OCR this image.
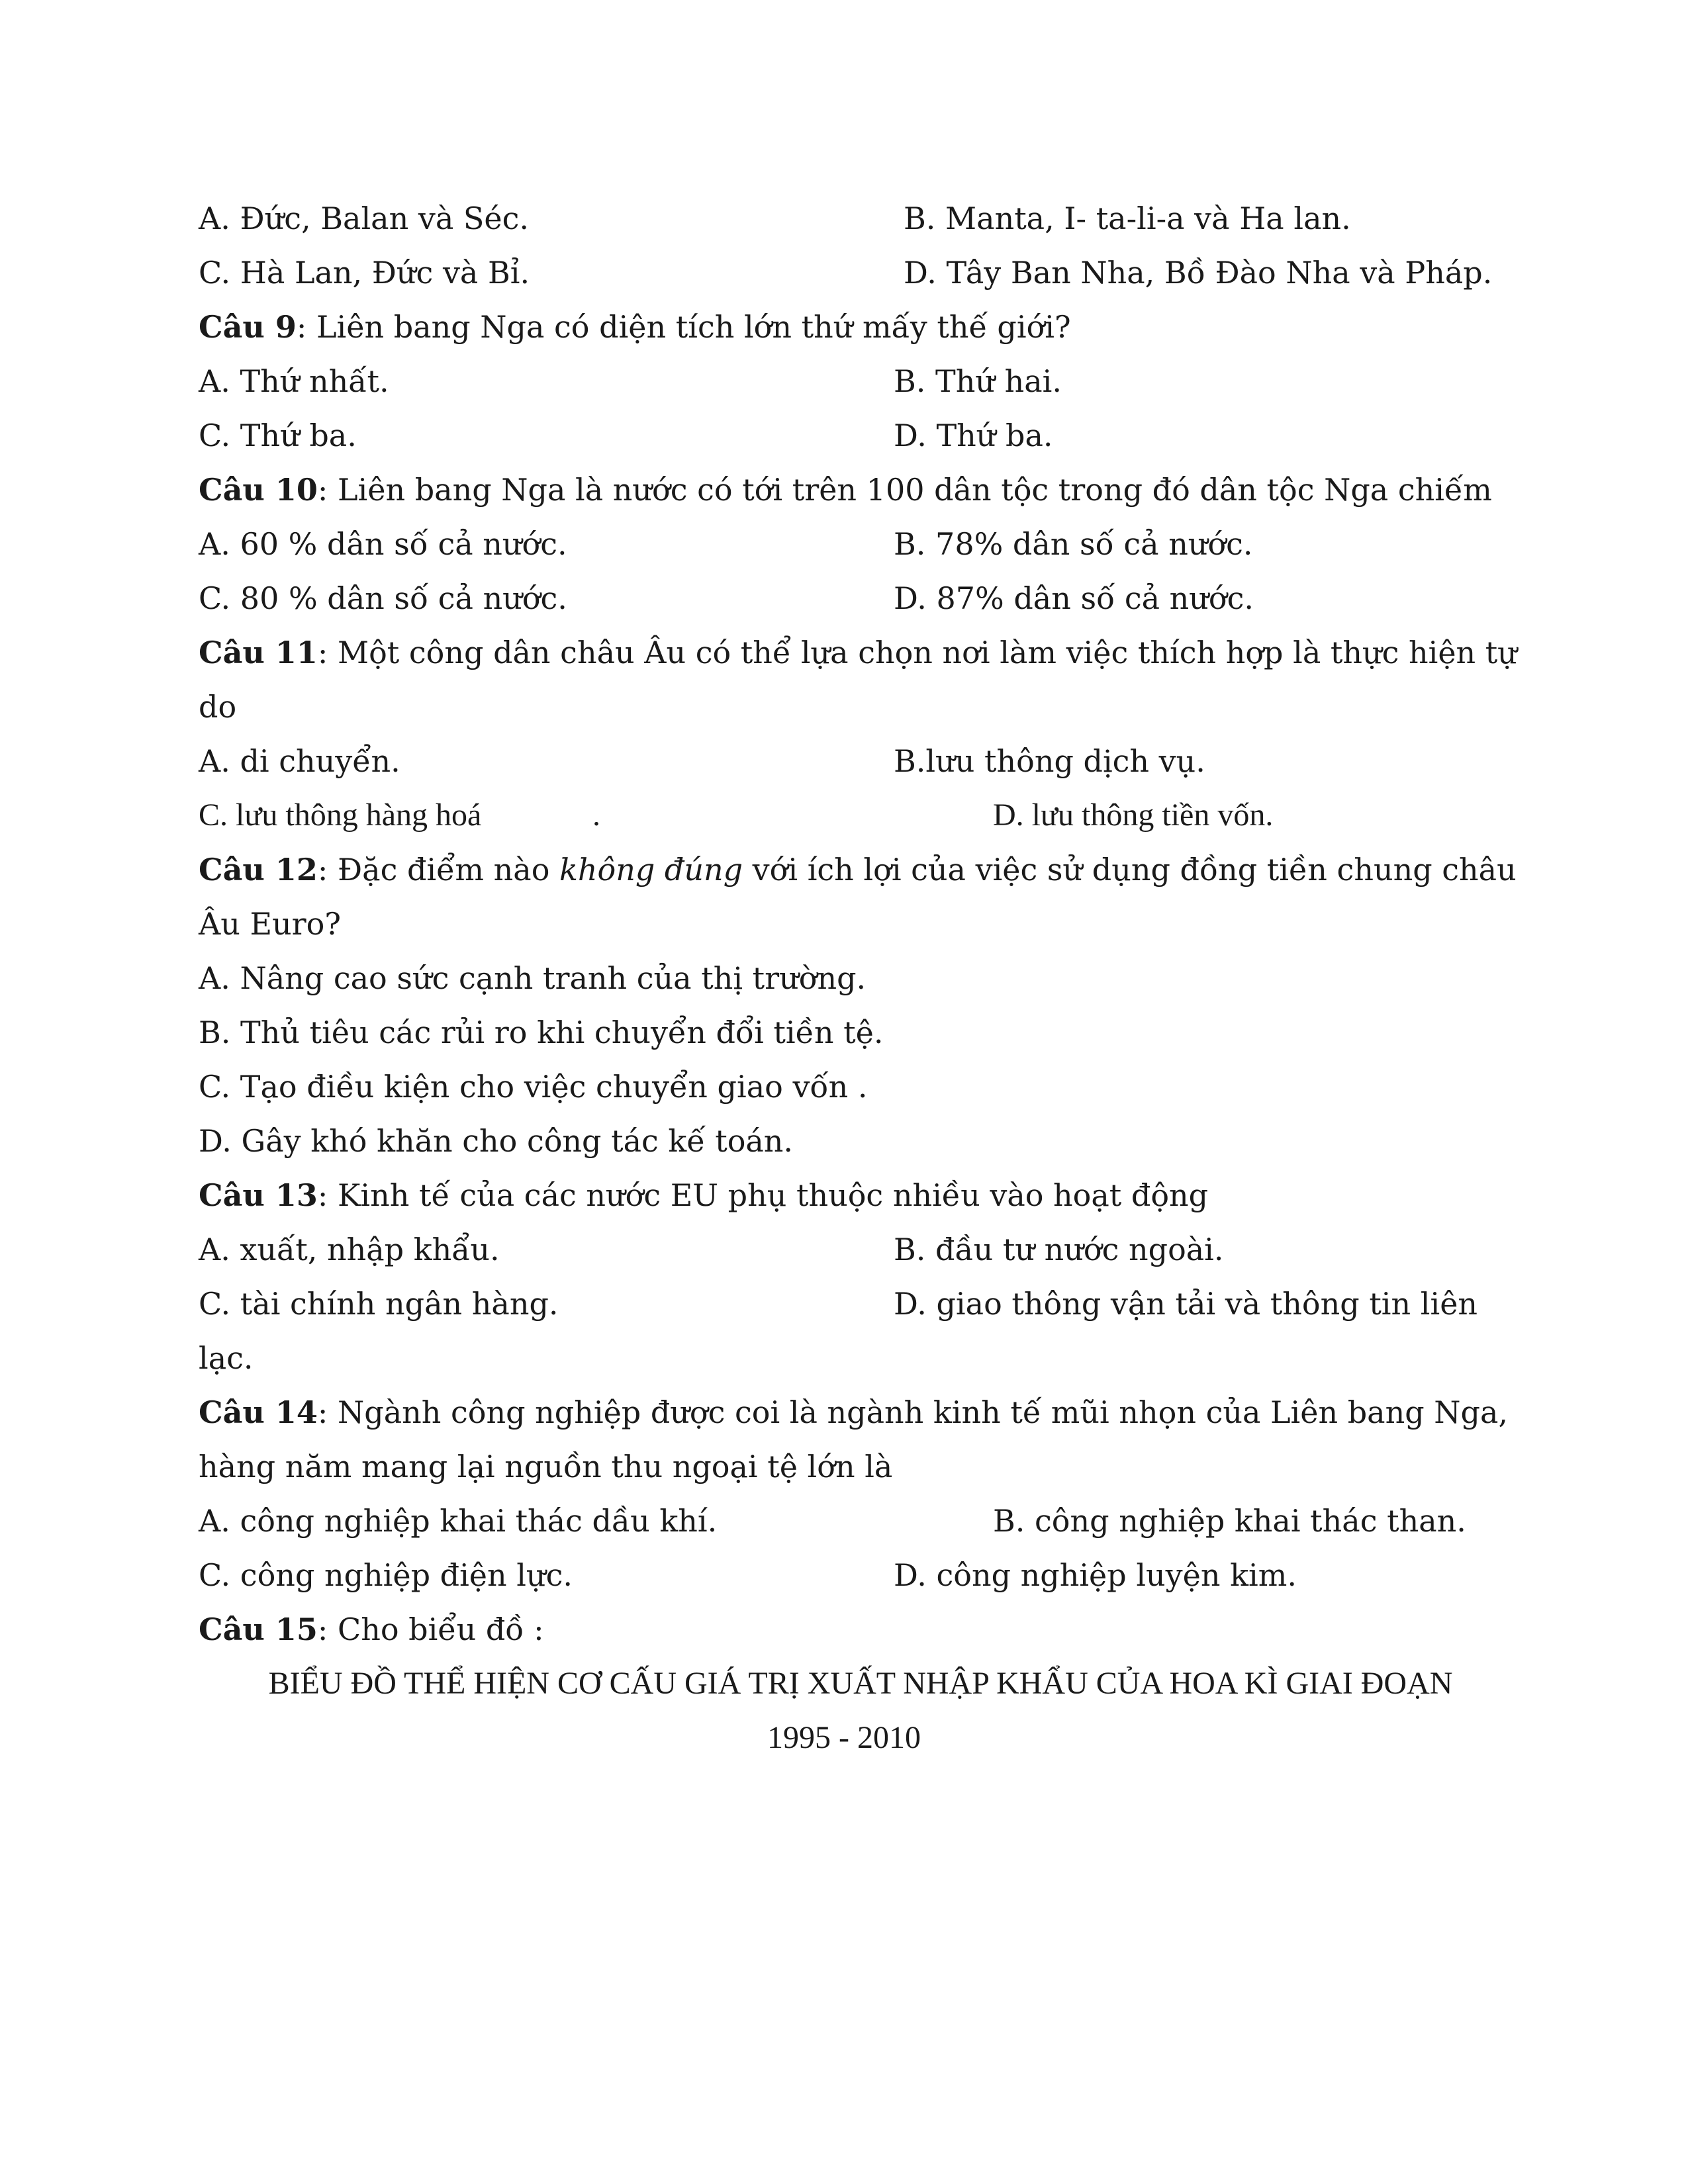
A. Đức, Balan và Séc.	B. Manta, I- ta-li-a và Ha lan.
C. Hà Lan, Đức và Bỉ.	D. Tây Ban Nha, Bồ Đào Nha và Pháp.
Câu 9: Liên bang Nga có diện tích lớn thứ mấy thế giới?
A. Thứ nhất.	B. Thứ hai.
C. Thứ ba.	D. Thứ ba.
Câu 10: Liên bang Nga là nước có tới trên 100 dân tộc trong đó dân tộc Nga chiếm
A. 60 % dân số cả nước.	B. 78% dân số cả nước.
C. 80 % dân số cả nước.	D. 87% dân số cả nước.
Câu 11: Một công dân châu Âu có thể lựa chọn nơi làm việc thích hợp là thực hiện tự
do
A. di chuyển.	B.lưu thông dịch vụ.
C. lưu thông hàng hoá	.	D. lưu thông tiền vốn.
Câu 12: Đặc điểm nào không đúng với ích lợi của việc sử dụng đồng tiền chung châu
Âu Euro?
A. Nâng cao sức cạnh tranh của thị trường.
B. Thủ tiêu các rủi ro khi chuyển đổi tiền tệ.
C. Tạo điều kiện cho việc chuyển giao vốn .
D. Gây khó khăn cho công tác kế toán.
Câu 13: Kinh tế của các nước EU phụ thuộc nhiều vào hoạt động
A. xuất, nhập khẩu.	B. đầu tư nước ngoài.
C. tài chính ngân hàng.	D. giao thông vận tải và thông tin liên
lạc.
Câu 14: Ngành công nghiệp được coi là ngành kinh tế mũi nhọn của Liên bang Nga,
hàng năm mang lại nguồn thu ngoại tệ lớn là
A. công nghiệp khai thác dầu khí.	B. công nghiệp khai thác than.
C. công nghiệp điện lực.	D. công nghiệp luyện kim.
Câu 15: Cho biểu đồ :
BIỂU ĐỒ THỂ HIỆN CƠ CẤU GIÁ TRỊ XUẤT NHẬP KHẨU CỦA HOA KÌ GIAI ĐOẠN
1995 - 2010
